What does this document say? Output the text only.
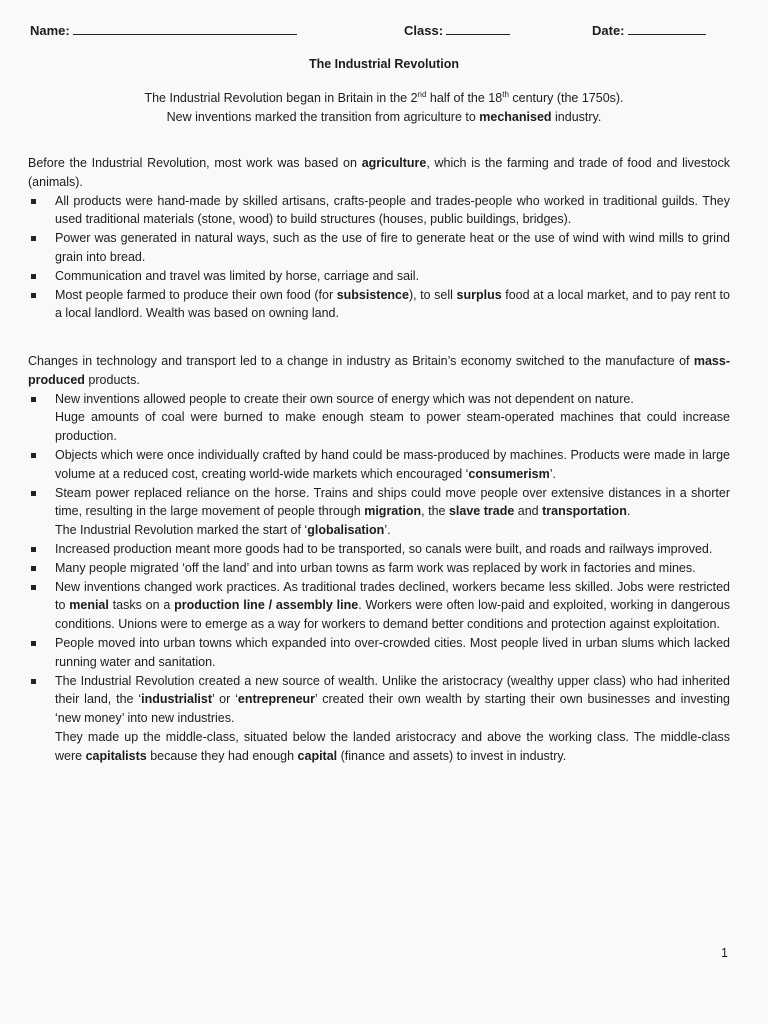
Name:	Class:	Date:
The Industrial Revolution
The Industrial Revolution began in Britain in the 2nd half of the 18th century (the 1750s).
New inventions marked the transition from agriculture to mechanised industry.

Before the Industrial Revolution, most work was based on agriculture, which is the farming and trade of food and livestock (animals).

All products were hand-made by skilled artisans, crafts-people and trades-people who worked in traditional guilds. They used traditional materials (stone, wood) to build structures (houses, public buildings, bridges).
Power was generated in natural ways, such as the use of fire to generate heat or the use of wind with wind mills to grind grain into bread.
Communication and travel was limited by horse, carriage and sail.
Most people farmed to produce their own food (for subsistence), to sell surplus food at a local market, and to pay rent to a local landlord. Wealth was based on owning land.

Changes in technology and transport led to a change in industry as Britain’s economy switched to the manufacture of mass-produced products.

New inventions allowed people to create their own source of energy which was not dependent on nature.
Huge amounts of coal were burned to make enough steam to power steam-operated machines that could increase production.
Objects which were once individually crafted by hand could be mass-produced by machines. Products were made in large volume at a reduced cost, creating world-wide markets which encouraged ‘consumerism’.
Steam power replaced reliance on the horse. Trains and ships could move people over extensive distances in a shorter time, resulting in the large movement of people through migration, the slave trade and transportation.
The Industrial Revolution marked the start of ‘globalisation’.
Increased production meant more goods had to be transported, so canals were built, and roads and railways improved.
Many people migrated ‘off the land’ and into urban towns as farm work was replaced by work in factories and mines.
New inventions changed work practices. As traditional trades declined, workers became less skilled. Jobs were restricted to menial tasks on a production line / assembly line. Workers were often low-paid and exploited, working in dangerous conditions. Unions were to emerge as a way for workers to demand better conditions and protection against exploitation.
People moved into urban towns which expanded into over-crowded cities. Most people lived in urban slums which lacked running water and sanitation.
The Industrial Revolution created a new source of wealth. Unlike the aristocracy (wealthy upper class) who had inherited their land, the ‘industrialist’ or ‘entrepreneur’ created their own wealth by starting their own businesses and investing ‘new money’ into new industries.
They made up the middle-class, situated below the landed aristocracy and above the working class. The middle-class were capitalists because they had enough capital (finance and assets) to invest in industry.
1
